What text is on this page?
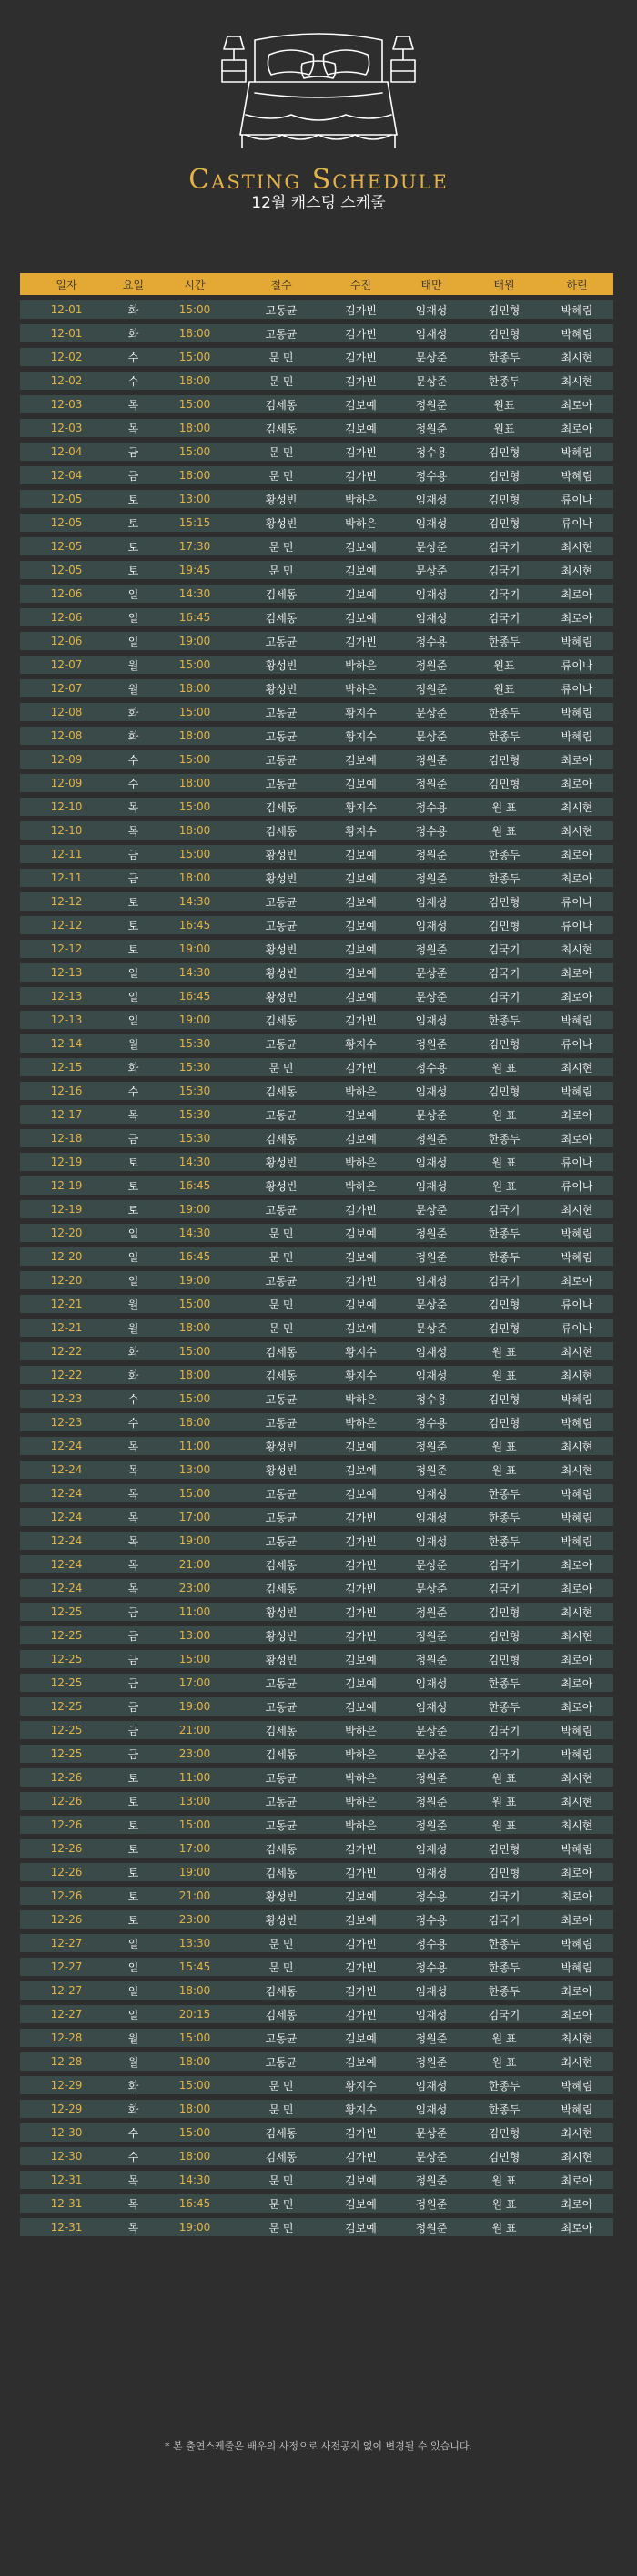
Casting Schedule

12월 캐스팅 스케줄

일자	요일	시간	철수	수진	태만	태원	하린
12-01	화	15:00	고동균	김가빈	임재성	김민형	박혜림
12-01	화	18:00	고동균	김가빈	임재성	김민형	박혜림
12-02	수	15:00	문 민	김가빈	문상준	한종두	최시현
12-02	수	18:00	문 민	김가빈	문상준	한종두	최시현
12-03	목	15:00	김세동	김보예	정원준	원표	최로아
12-03	목	18:00	김세동	김보예	정원준	원표	최로아
12-04	금	15:00	문 민	김가빈	정수용	김민형	박혜림
12-04	금	18:00	문 민	김가빈	정수용	김민형	박혜림
12-05	토	13:00	황성빈	박하은	임재성	김민형	류이나
12-05	토	15:15	황성빈	박하은	임재성	김민형	류이나
12-05	토	17:30	문 민	김보예	문상준	김국기	최시현
12-05	토	19:45	문 민	김보예	문상준	김국기	최시현
12-06	일	14:30	김세동	김보예	임재성	김국기	최로아
12-06	일	16:45	김세동	김보예	임재성	김국기	최로아
12-06	일	19:00	고동균	김가빈	정수용	한종두	박혜림
12-07	월	15:00	황성빈	박하은	정원준	원표	류이나
12-07	월	18:00	황성빈	박하은	정원준	원표	류이나
12-08	화	15:00	고동균	황지수	문상준	한종두	박혜림
12-08	화	18:00	고동균	황지수	문상준	한종두	박혜림
12-09	수	15:00	고동균	김보예	정원준	김민형	최로아
12-09	수	18:00	고동균	김보예	정원준	김민형	최로아
12-10	목	15:00	김세동	황지수	정수용	원 표	최시현
12-10	목	18:00	김세동	황지수	정수용	원 표	최시현
12-11	금	15:00	황성빈	김보예	정원준	한종두	최로아
12-11	금	18:00	황성빈	김보예	정원준	한종두	최로아
12-12	토	14:30	고동균	김보예	임재성	김민형	류이나
12-12	토	16:45	고동균	김보예	임재성	김민형	류이나
12-12	토	19:00	황성빈	김보예	정원준	김국기	최시현
12-13	일	14:30	황성빈	김보예	문상준	김국기	최로아
12-13	일	16:45	황성빈	김보예	문상준	김국기	최로아
12-13	일	19:00	김세동	김가빈	임재성	한종두	박혜림
12-14	월	15:30	고동균	황지수	정원준	김민형	류이나
12-15	화	15:30	문 민	김가빈	정수용	원 표	최시현
12-16	수	15:30	김세동	박하은	임재성	김민형	박혜림
12-17	목	15:30	고동균	김보예	문상준	원 표	최로아
12-18	금	15:30	김세동	김보예	정원준	한종두	최로아
12-19	토	14:30	황성빈	박하은	임재성	원 표	류이나
12-19	토	16:45	황성빈	박하은	임재성	원 표	류이나
12-19	토	19:00	고동균	김가빈	문상준	김국기	최시현
12-20	일	14:30	문 민	김보예	정원준	한종두	박혜림
12-20	일	16:45	문 민	김보예	정원준	한종두	박혜림
12-20	일	19:00	고동균	김가빈	임재성	김국기	최로아
12-21	월	15:00	문 민	김보예	문상준	김민형	류이나
12-21	월	18:00	문 민	김보예	문상준	김민형	류이나
12-22	화	15:00	김세동	황지수	임재성	원 표	최시현
12-22	화	18:00	김세동	황지수	임재성	원 표	최시현
12-23	수	15:00	고동균	박하은	정수용	김민형	박혜림
12-23	수	18:00	고동균	박하은	정수용	김민형	박혜림
12-24	목	11:00	황성빈	김보예	정원준	원 표	최시현
12-24	목	13:00	황성빈	김보예	정원준	원 표	최시현
12-24	목	15:00	고동균	김보예	임재성	한종두	박혜림
12-24	목	17:00	고동균	김가빈	임재성	한종두	박혜림
12-24	목	19:00	고동균	김가빈	임재성	한종두	박혜림
12-24	목	21:00	김세동	김가빈	문상준	김국기	최로아
12-24	목	23:00	김세동	김가빈	문상준	김국기	최로아
12-25	금	11:00	황성빈	김가빈	정원준	김민형	최시현
12-25	금	13:00	황성빈	김가빈	정원준	김민형	최시현
12-25	금	15:00	황성빈	김보예	정원준	김민형	최로아
12-25	금	17:00	고동균	김보예	임재성	한종두	최로아
12-25	금	19:00	고동균	김보예	임재성	한종두	최로아
12-25	금	21:00	김세동	박하은	문상준	김국기	박혜림
12-25	금	23:00	김세동	박하은	문상준	김국기	박혜림
12-26	토	11:00	고동균	박하은	정원준	원 표	최시현
12-26	토	13:00	고동균	박하은	정원준	원 표	최시현
12-26	토	15:00	고동균	박하은	정원준	원 표	최시현
12-26	토	17:00	김세동	김가빈	임재성	김민형	박혜림
12-26	토	19:00	김세동	김가빈	임재성	김민형	최로아
12-26	토	21:00	황성빈	김보예	정수용	김국기	최로아
12-26	토	23:00	황성빈	김보예	정수용	김국기	최로아
12-27	일	13:30	문 민	김가빈	정수용	한종두	박혜림
12-27	일	15:45	문 민	김가빈	정수용	한종두	박혜림
12-27	일	18:00	김세동	김가빈	임재성	한종두	최로아
12-27	일	20:15	김세동	김가빈	임재성	김국기	최로아
12-28	월	15:00	고동균	김보예	정원준	원 표	최시현
12-28	월	18:00	고동균	김보예	정원준	원 표	최시현
12-29	화	15:00	문 민	황지수	임재성	한종두	박혜림
12-29	화	18:00	문 민	황지수	임재성	한종두	박혜림
12-30	수	15:00	김세동	김가빈	문상준	김민형	최시현
12-30	수	18:00	김세동	김가빈	문상준	김민형	최시현
12-31	목	14:30	문 민	김보예	정원준	원 표	최로아
12-31	목	16:45	문 민	김보예	정원준	원 표	최로아
12-31	목	19:00	문 민	김보예	정원준	원 표	최로아

* 본 출연스케줄은 배우의 사정으로 사전공지 없이 변경될 수 있습니다.
